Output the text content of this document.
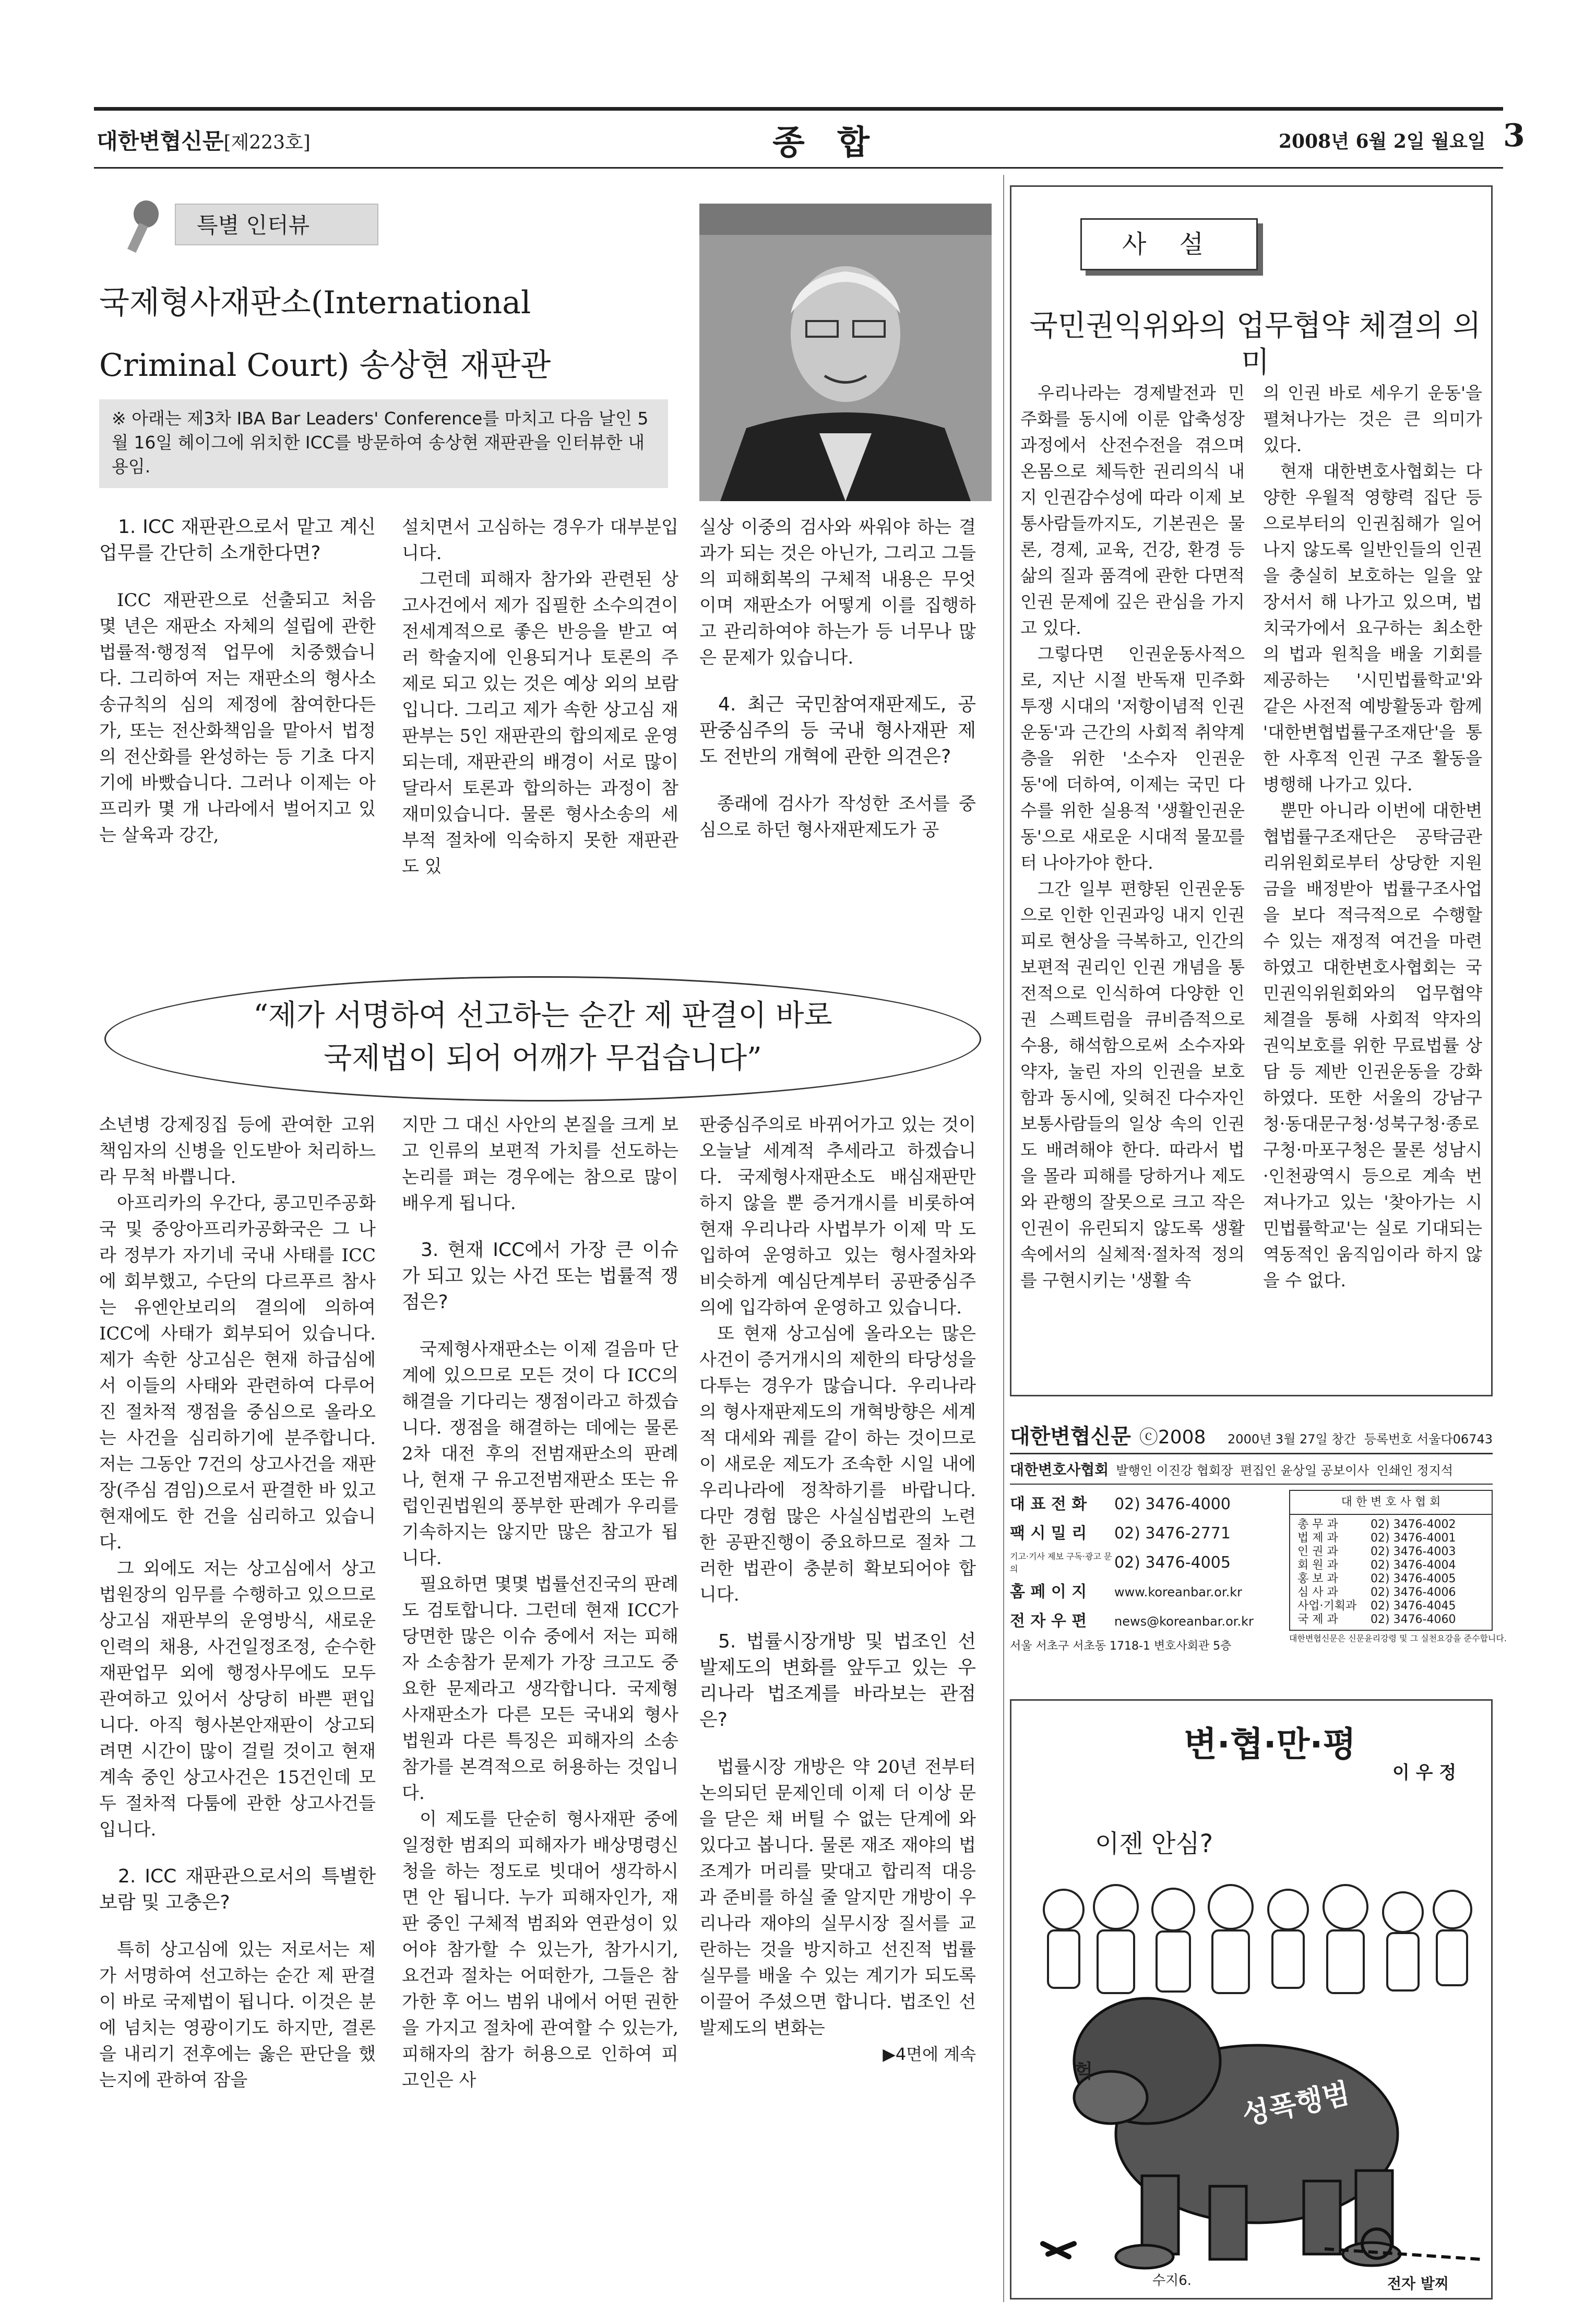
대한변협신문[제223호]	종 합	2008년 6월 2일 월요일 3
특별 인터뷰
국제형사재판소(International Criminal Court) 송상현 재판관
※ 아래는 제3차 IBA Bar Leaders' Conference를 마치고 다음 날인 5월 16일 헤이그에 위치한 ICC를 방문하여 송상현 재판관을 인터뷰한 내용임.
1. ICC 재판관으로서 맡고 계신 업무를 간단히 소개한다면?

ICC 재판관으로 선출되고 처음 몇 년은 재판소 자체의 설립에 관한 법률적·행정적 업무에 치중했습니다. 그리하여 저는 재판소의 형사소송규칙의 심의 제정에 참여한다든가, 또는 전산화책임을 맡아서 법정의 전산화를 완성하는 등 기초 다지기에 바빴습니다. 그러나 이제는 아프리카 몇 개 나라에서 벌어지고 있는 살육과 강간,

설치면서 고심하는 경우가 대부분입니다.

그런데 피해자 참가와 관련된 상고사건에서 제가 집필한 소수의견이 전세계적으로 좋은 반응을 받고 여러 학술지에 인용되거나 토론의 주제로 되고 있는 것은 예상 외의 보람입니다. 그리고 제가 속한 상고심 재판부는 5인 재판관의 합의제로 운영되는데, 재판관의 배경이 서로 많이 달라서 토론과 합의하는 과정이 참 재미있습니다. 물론 형사소송의 세부적 절차에 익숙하지 못한 재판관도 있

실상 이중의 검사와 싸워야 하는 결과가 되는 것은 아닌가, 그리고 그들의 피해회복의 구체적 내용은 무엇이며 재판소가 어떻게 이를 집행하고 관리하여야 하는가 등 너무나 많은 문제가 있습니다.

4. 최근 국민참여재판제도, 공판중심주의 등 국내 형사재판 제도 전반의 개혁에 관한 의견은?

종래에 검사가 작성한 조서를 중심으로 하던 형사재판제도가 공

“제가 서명하여 선고하는 순간 제 판결이 바로
국제법이 되어 어깨가 무겁습니다”

소년병 강제징집 등에 관여한 고위책임자의 신병을 인도받아 처리하느라 무척 바쁩니다.

아프리카의 우간다, 콩고민주공화국 및 중앙아프리카공화국은 그 나라 정부가 자기네 국내 사태를 ICC에 회부했고, 수단의 다르푸르 참사는 유엔안보리의 결의에 의하여 ICC에 사태가 회부되어 있습니다. 제가 속한 상고심은 현재 하급심에서 이들의 사태와 관련하여 다루어진 절차적 쟁점을 중심으로 올라오는 사건을 심리하기에 분주합니다. 저는 그동안 7건의 상고사건을 재판장(주심 겸임)으로서 판결한 바 있고 현재에도 한 건을 심리하고 있습니다.

그 외에도 저는 상고심에서 상고법원장의 임무를 수행하고 있으므로 상고심 재판부의 운영방식, 새로운 인력의 채용, 사건일정조정, 순수한 재판업무 외에 행정사무에도 모두 관여하고 있어서 상당히 바쁜 편입니다. 아직 형사본안재판이 상고되려면 시간이 많이 걸릴 것이고 현재 계속 중인 상고사건은 15건인데 모두 절차적 다툼에 관한 상고사건들입니다.

2. ICC 재판관으로서의 특별한 보람 및 고충은?

특히 상고심에 있는 저로서는 제가 서명하여 선고하는 순간 제 판결이 바로 국제법이 됩니다. 이것은 분에 넘치는 영광이기도 하지만, 결론을 내리기 전후에는 옳은 판단을 했는지에 관하여 잠을

지만 그 대신 사안의 본질을 크게 보고 인류의 보편적 가치를 선도하는 논리를 펴는 경우에는 참으로 많이 배우게 됩니다.

3. 현재 ICC에서 가장 큰 이슈가 되고 있는 사건 또는 법률적 쟁점은?

국제형사재판소는 이제 걸음마 단계에 있으므로 모든 것이 다 ICC의 해결을 기다리는 쟁점이라고 하겠습니다. 쟁점을 해결하는 데에는 물론 2차 대전 후의 전범재판소의 판례나, 현재 구 유고전범재판소 또는 유럽인권법원의 풍부한 판례가 우리를 기속하지는 않지만 많은 참고가 됩니다.

필요하면 몇몇 법률선진국의 판례도 검토합니다. 그런데 현재 ICC가 당면한 많은 이슈 중에서 저는 피해자 소송참가 문제가 가장 크고도 중요한 문제라고 생각합니다. 국제형사재판소가 다른 모든 국내외 형사법원과 다른 특징은 피해자의 소송참가를 본격적으로 허용하는 것입니다.

이 제도를 단순히 형사재판 중에 일정한 범죄의 피해자가 배상명령신청을 하는 정도로 빗대어 생각하시면 안 됩니다. 누가 피해자인가, 재판 중인 구체적 범죄와 연관성이 있어야 참가할 수 있는가, 참가시기, 요건과 절차는 어떠한가, 그들은 참가한 후 어느 범위 내에서 어떤 권한을 가지고 절차에 관여할 수 있는가, 피해자의 참가 허용으로 인하여 피고인은 사

판중심주의로 바뀌어가고 있는 것이 오늘날 세계적 추세라고 하겠습니다. 국제형사재판소도 배심재판만 하지 않을 뿐 증거개시를 비롯하여 현재 우리나라 사법부가 이제 막 도입하여 운영하고 있는 형사절차와 비슷하게 예심단계부터 공판중심주의에 입각하여 운영하고 있습니다.

또 현재 상고심에 올라오는 많은 사건이 증거개시의 제한의 타당성을 다투는 경우가 많습니다. 우리나라의 형사재판제도의 개혁방향은 세계적 대세와 궤를 같이 하는 것이므로 이 새로운 제도가 조속한 시일 내에 우리나라에 정착하기를 바랍니다. 다만 경험 많은 사실심법관의 노련한 공판진행이 중요하므로 절차 그러한 법관이 충분히 확보되어야 합니다.

5. 법률시장개방 및 법조인 선발제도의 변화를 앞두고 있는 우리나라 법조계를 바라보는 관점은?

법률시장 개방은 약 20년 전부터 논의되던 문제인데 이제 더 이상 문을 닫은 채 버틸 수 없는 단계에 와있다고 봅니다. 물론 재조 재야의 법조계가 머리를 맞대고 합리적 대응과 준비를 하실 줄 알지만 개방이 우리나라 재야의 실무시장 질서를 교란하는 것을 방지하고 선진적 법률실무를 배울 수 있는 계기가 되도록 이끌어 주셨으면 합니다. 법조인 선발제도의 변화는

▶4면에 계속
사 설
국민권익위와의 업무협약 체결의 의미

우리나라는 경제발전과 민주화를 동시에 이룬 압축성장 과정에서 산전수전을 겪으며 온몸으로 체득한 권리의식 내지 인권감수성에 따라 이제 보통사람들까지도, 기본권은 물론, 경제, 교육, 건강, 환경 등 삶의 질과 품격에 관한 다면적 인권 문제에 깊은 관심을 가지고 있다.

그렇다면 인권운동사적으로, 지난 시절 반독재 민주화투쟁 시대의 '저항이념적 인권운동'과 근간의 사회적 취약계층을 위한 '소수자 인권운동'에 더하여, 이제는 국민 다수를 위한 실용적 '생활인권운동'으로 새로운 시대적 물꼬를 터 나아가야 한다.

그간 일부 편향된 인권운동으로 인한 인권과잉 내지 인권피로 현상을 극복하고, 인간의 보편적 권리인 인권 개념을 통전적으로 인식하여 다양한 인권 스펙트럼을 큐비즘적으로 수용, 해석함으로써 소수자와 약자, 눌린 자의 인권을 보호함과 동시에, 잊혀진 다수자인 보통사람들의 일상 속의 인권도 배려해야 한다. 따라서 법을 몰라 피해를 당하거나 제도와 관행의 잘못으로 크고 작은 인권이 유린되지 않도록 생활 속에서의 실체적·절차적 정의를 구현시키는 '생활 속

의 인권 바로 세우기 운동'을 펼쳐나가는 것은 큰 의미가 있다.

현재 대한변호사협회는 다양한 우월적 영향력 집단 등으로부터의 인권침해가 일어나지 않도록 일반인들의 인권을 충실히 보호하는 일을 앞장서서 해 나가고 있으며, 법치국가에서 요구하는 최소한의 법과 원칙을 배울 기회를 제공하는 '시민법률학교'와 같은 사전적 예방활동과 함께 '대한변협법률구조재단'을 통한 사후적 인권 구조 활동을 병행해 나가고 있다.

뿐만 아니라 이번에 대한변협법률구조재단은 공탁금관리위원회로부터 상당한 지원금을 배정받아 법률구조사업을 보다 적극적으로 수행할 수 있는 재정적 여건을 마련하였고 대한변호사협회는 국민권익위원회와의 업무협약 체결을 통해 사회적 약자의 권익보호를 위한 무료법률 상담 등 제반 인권운동을 강화하였다. 또한 서울의 강남구청·동대문구청·성북구청·종로구청·마포구청은 물론 성남시·인천광역시 등으로 계속 번져나가고 있는 '찾아가는 시민법률학교'는 실로 기대되는 역동적인 움직임이라 하지 않을 수 없다.

대한변협신문 ⓒ2008 2000년 3월 27일 창간 등록번호 서울다06743
대한변호사협회 발행인 이진강 협회장 편집인 윤상일 공보이사 인쇄인 정지석
대 표 전 화	02) 3476-4000
팩 시 밀 리	02) 3476-2771
기고·기사 제보 구독·광고 문의	02) 3476-4005
홈 페 이 지	www.koreanbar.or.kr
전 자 우 편	news@koreanbar.or.kr
서울 서초구 서초동 1718-1 변호사회관 5층
대 한 변 호 사 협 회
총 무 과	02) 3476-4002
법 제 과	02) 3476-4001
인 권 과	02) 3476-4003
회 원 과	02) 3476-4004
홍 보 과	02) 3476-4005
심 사 과	02) 3476-4006
사업·기획과	02) 3476-4045
국 제 과	02) 3476-4060
대한변협신문은 신문윤리강령 및 그 실천요강을 준수합니다.
변·협·만·평
이 우 정
이젠 안심?
성폭행범
헉
수지6.	전자 발찌
